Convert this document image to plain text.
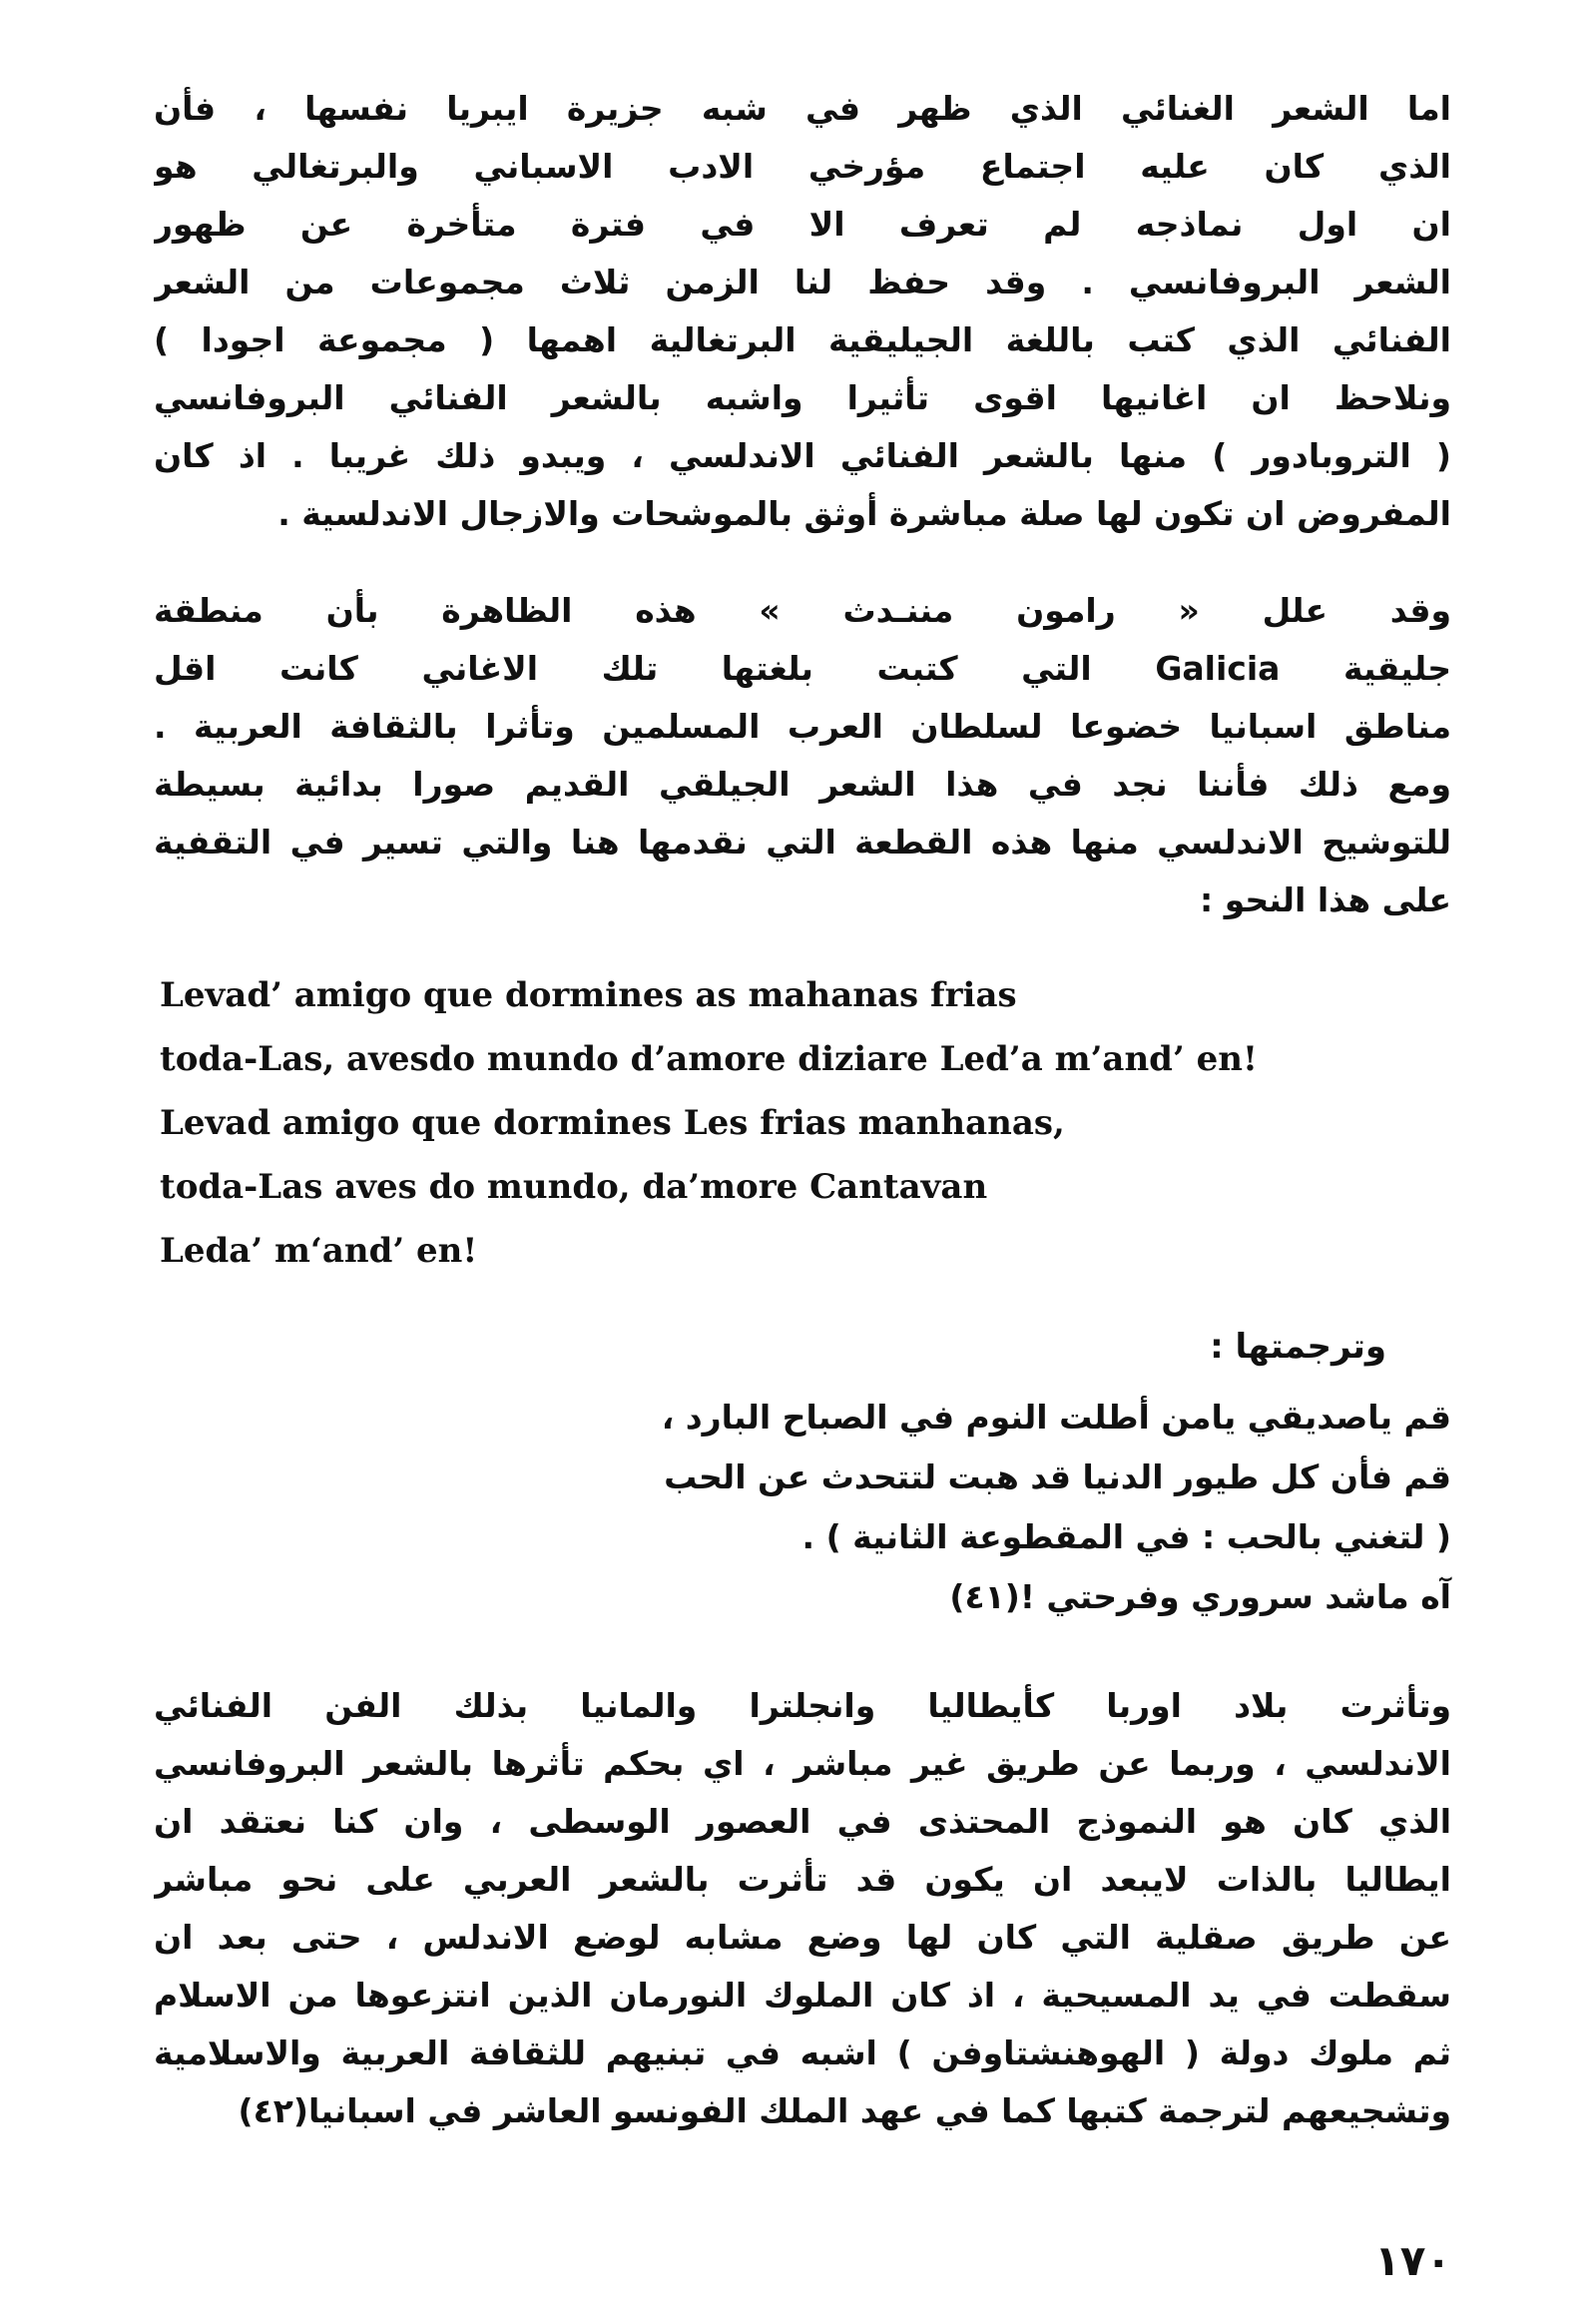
اما الشعر الغنائي الذي ظهر في شبه جزيرة ايبريا نفسها ، فأن
الذي كان عليه اجتماع مؤرخي الادب الاسباني والبرتغالي هو
ان اول نماذجه لم تعرف الا في فترة متأخرة عن ظهور
الشعر البروفانسي . وقد حفظ لنا الزمن ثلاث مجموعات من الشعر
الفنائي الذي كتب باللغة الجيليقية البرتغالية اهمها ( مجموعة اجودا )
ونلاحظ ان اغانيها اقوى تأثيرا واشبه بالشعر الفنائي البروفانسي
( التروبادور ) منها بالشعر الفنائي الاندلسي ، ويبدو ذلك غريبا . اذ كان
المفروض ان تكون لها صلة مباشرة أوثق بالموشحات والازجال الاندلسية .
وقد علل « رامون مننـدث » هذه الظاهرة بأن منطقة
جليقية Galicia التي كتبت بلغتها تلك الاغاني كانت اقل
مناطق اسبانيا خضوعا لسلطان العرب المسلمين وتأثرا بالثقافة العربية .
ومع ذلك فأننا نجد في هذا الشعر الجيلقي القديم صورا بدائية بسيطة
للتوشيح الاندلسي منها هذه القطعة التي نقدمها هنا والتي تسير في التقفية
على هذا النحو :
Levad’ amigo que dormines as mahanas frias
toda-Las, avesdo mundo d’amore diziare Led’a m’and’ en!
Levad amigo que dormines Les frias manhanas,
toda-Las aves do mundo, da’more Cantavan
Leda’ m‘and’ en!
وترجمتها :
قم ياصديقي يامن أطلت النوم في الصباح البارد ،
قم فأن كل طيور الدنيا قد هبت لتتحدث عن الحب
( لتغني بالحب : في المقطوعة الثانية ) .
آه ماشد سروري وفرحتي !(٤١)
وتأثرت بلاد اوربا كأيطاليا وانجلترا والمانيا بذلك الفن الفنائي
الاندلسي ، وربما عن طريق غير مباشر ، اي بحكم تأثرها بالشعر البروفانسي
الذي كان هو النموذج المحتذى في العصور الوسطى ، وان كنا نعتقد ان
ايطاليا بالذات لايبعد ان يكون قد تأثرت بالشعر العربي على نحو مباشر
عن طريق صقلية التي كان لها وضع مشابه لوضع الاندلس ، حتى بعد ان
سقطت في يد المسيحية ، اذ كان الملوك النورمان الذين انتزعوها من الاسلام
ثم ملوك دولة ( الهوهنشتاوفن ) اشبه في تبنيهم للثقافة العربية والاسلامية
وتشجيعهم لترجمة كتبها كما في عهد الملك الفونسو العاشر في اسبانيا(٤٢)
١٧٠
